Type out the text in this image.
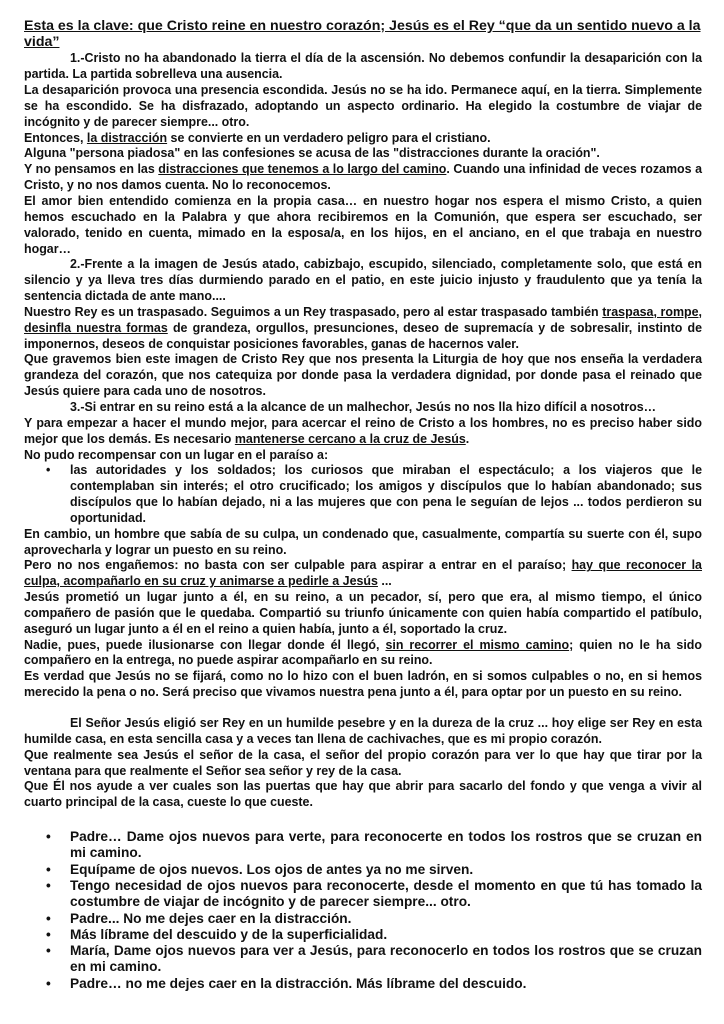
Esta es la clave: que Cristo reine en nuestro corazón; Jesús es el Rey “que da un sentido nuevo a la vida”

1.-Cristo no ha abandonado la tierra el día de la ascensión. No debemos confundir la desaparición con la partida. La partida sobrelleva una ausencia.

La desaparición provoca una presencia escondida. Jesús no se ha ido. Permanece aquí, en la tierra. Simplemente se ha escondido. Se ha disfrazado, adoptando un aspecto ordinario. Ha elegido la costumbre de viajar de incógnito y de parecer siempre... otro.

Entonces, la distracción se convierte en un verdadero peligro para el cristiano.

Alguna "persona piadosa" en las confesiones se acusa de las "distracciones durante la oración".

Y no pensamos en las distracciones que tenemos a lo largo del camino. Cuando una infinidad de veces rozamos a Cristo, y no nos damos cuenta. No lo reconocemos.

El amor bien entendido comienza en la propia casa… en nuestro hogar nos espera el mismo Cristo, a quien hemos escuchado en la Palabra y que ahora recibiremos en la Comunión, que espera ser escuchado, ser valorado, tenido en cuenta, mimado en la esposa/a, en los hijos, en el anciano, en el que trabaja en nuestro hogar…

2.-Frente a la imagen de Jesús atado, cabizbajo, escupido, silenciado, completamente solo, que está en silencio y ya lleva tres días durmiendo parado en el patio, en este juicio injusto y fraudulento que ya tenía la sentencia dictada de ante mano....

Nuestro Rey es un traspasado. Seguimos a un Rey traspasado, pero al estar traspasado también traspasa, rompe, desinfla nuestra formas de grandeza, orgullos, presunciones, deseo de supremacía y de sobresalir, instinto de imponernos, deseos de conquistar posiciones favorables, ganas de hacernos valer.

Que gravemos bien este imagen de Cristo Rey que nos presenta la Liturgia de hoy que nos enseña la verdadera grandeza del corazón, que nos catequiza por donde pasa la verdadera dignidad, por donde pasa el reinado que Jesús quiere para cada uno de nosotros.

3.-Si entrar en su reino está a la alcance de un malhechor, Jesús no nos lla hizo difícil a nosotros…

Y para empezar a hacer el mundo mejor, para acercar el reino de Cristo a los hombres, no es preciso haber sido mejor que los demás. Es necesario mantenerse cercano a la cruz de Jesús.

No pudo recompensar con un lugar en el paraíso a:

• las autoridades y los soldados; los curiosos que miraban el espectáculo; a los viajeros que le contemplaban sin interés; el otro crucificado; los amigos y discípulos que lo habían abandonado; sus discípulos que lo habían dejado, ni a las mujeres que con pena le seguían de lejos ... todos perdieron su oportunidad.

En cambio, un hombre que sabía de su culpa, un condenado que, casualmente, compartía su suerte con él, supo aprovecharla y lograr un puesto en su reino.

Pero no nos engañemos: no basta con ser culpable para aspirar a entrar en el paraíso; hay que reconocer la culpa, acompañarlo en su cruz y animarse a pedirle a Jesús ...

Jesús prometió un lugar junto a él, en su reino, a un pecador, sí, pero que era, al mismo tiempo, el único compañero de pasión que le quedaba. Compartió su triunfo únicamente con quien había compartido el patíbulo, aseguró un lugar junto a él en el reino a quien había, junto a él, soportado la cruz.

Nadie, pues, puede ilusionarse con llegar donde él llegó, sin recorrer el mismo camino; quien no le ha sido compañero en la entrega, no puede aspirar acompañarlo en su reino.

Es verdad que Jesús no se fijará, como no lo hizo con el buen ladrón, en si somos culpables o no, en si hemos merecido la pena o no. Será preciso que vivamos nuestra pena junto a él, para optar por un puesto en su reino.

El Señor Jesús eligió ser Rey en un humilde pesebre y en la dureza de la cruz ... hoy elige ser Rey en esta humilde casa, en esta sencilla casa y a veces tan llena de cachivaches, que es mi propio corazón.

Que realmente sea Jesús el señor de la casa, el señor del propio corazón para ver lo que hay que tirar por la ventana para que realmente el Señor sea señor y rey de la casa.

Que Él nos ayude a ver cuales son las puertas que hay que abrir para sacarlo del fondo y que venga a vivir al cuarto principal de la casa, cueste lo que cueste.

• Padre… Dame ojos nuevos para verte, para reconocerte en todos los rostros que se cruzan en mi camino.
• Equípame de ojos nuevos. Los ojos de antes ya no me sirven.
• Tengo necesidad de ojos nuevos para reconocerte, desde el momento en que tú has tomado la costumbre de viajar de incógnito y de parecer siempre... otro.
• Padre... No me dejes caer en la distracción.
• Más líbrame del descuido y de la superficialidad.
• María, Dame ojos nuevos para ver a Jesús, para reconocerlo en todos los rostros que se cruzan en mi camino.
• Padre… no me dejes caer en la distracción. Más líbrame del descuido.
